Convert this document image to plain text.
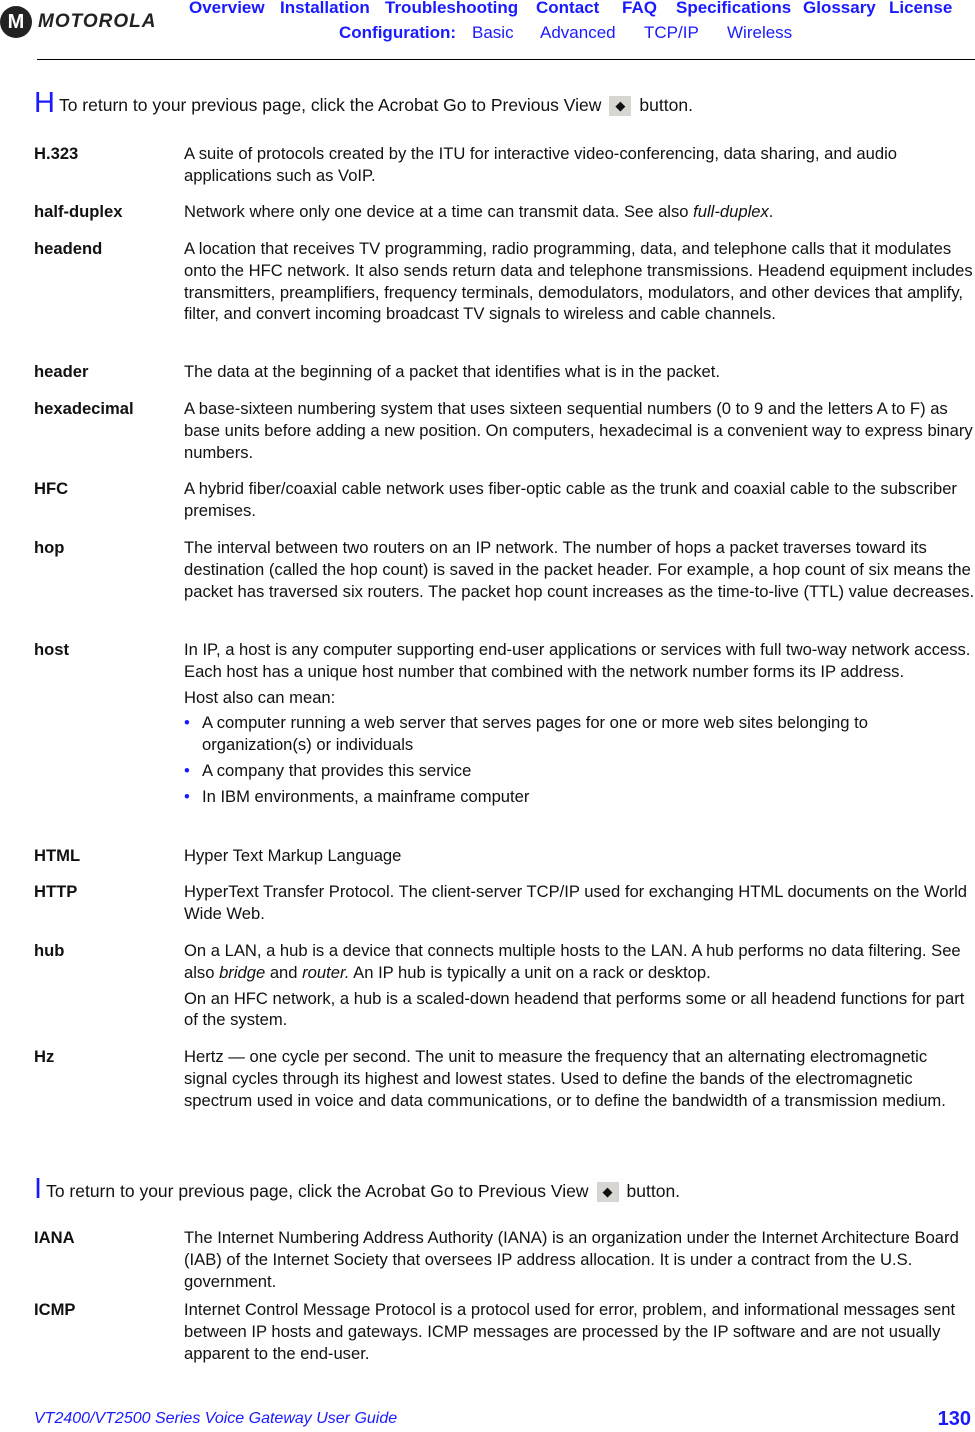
M MOTOROLA
Overview Installation Troubleshooting Contact FAQ Specifications Glossary License
Configuration: Basic Advanced TCP/IP Wireless
H To return to your previous page, click the Acrobat Go to Previous View	◆ button.
H.323	A suite of protocols created by the ITU for interactive video-conferencing, data sharing, and audio applications such as VoIP.

half-duplex	Network where only one device at a time can transmit data. See also full-duplex.

headend	A location that receives TV programming, radio programming, data, and telephone calls that it modulates onto the HFC network. It also sends return data and telephone transmissions. Headend equipment includes transmitters, preamplifiers, frequency terminals, demodulators, modulators, and other devices that amplify, filter, and convert incoming broadcast TV signals to wireless and cable channels.

header	The data at the beginning of a packet that identifies what is in the packet.

hexadecimal	A base-sixteen numbering system that uses sixteen sequential numbers (0 to 9 and the letters A to F) as base units before adding a new position. On computers, hexadecimal is a convenient way to express binary numbers.

HFC	A hybrid fiber/coaxial cable network uses fiber-optic cable as the trunk and coaxial cable to the subscriber premises.

hop	The interval between two routers on an IP network. The number of hops a packet traverses toward its destination (called the hop count) is saved in the packet header. For example, a hop count of six means the packet has traversed six routers. The packet hop count increases as the time-to-live (TTL) value decreases.

host	In IP, a host is any computer supporting end-user applications or services with full two-way network access. Each host has a unique host number that combined with the network number forms its IP address.

Host also can mean:

• A computer running a web server that serves pages for one or more web sites belonging to organization(s) or individuals
• A company that provides this service
• In IBM environments, a mainframe computer
HTML	Hyper Text Markup Language

HTTP	HyperText Transfer Protocol. The client-server TCP/IP used for exchanging HTML documents on the World Wide Web.

hub	On a LAN, a hub is a device that connects multiple hosts to the LAN. A hub performs no data filtering. See also bridge and router. An IP hub is typically a unit on a rack or desktop.

On an HFC network, a hub is a scaled-down headend that performs some or all headend functions for part of the system.

Hz	Hertz — one cycle per second. The unit to measure the frequency that an alternating electromagnetic signal cycles through its highest and lowest states. Used to define the bands of the electromagnetic spectrum used in voice and data communications, or to define the bandwidth of a transmission medium.

I To return to your previous page, click the Acrobat Go to Previous View	◆ button.
IANA	The Internet Numbering Address Authority (IANA) is an organization under the Internet Architecture Board (IAB) of the Internet Society that oversees IP address allocation. It is under a contract from the U.S. government.

ICMP	Internet Control Message Protocol is a protocol used for error, problem, and informational messages sent between IP hosts and gateways. ICMP messages are processed by the IP software and are not usually apparent to the end-user.

VT2400/VT2500 Series Voice Gateway User Guide	130
